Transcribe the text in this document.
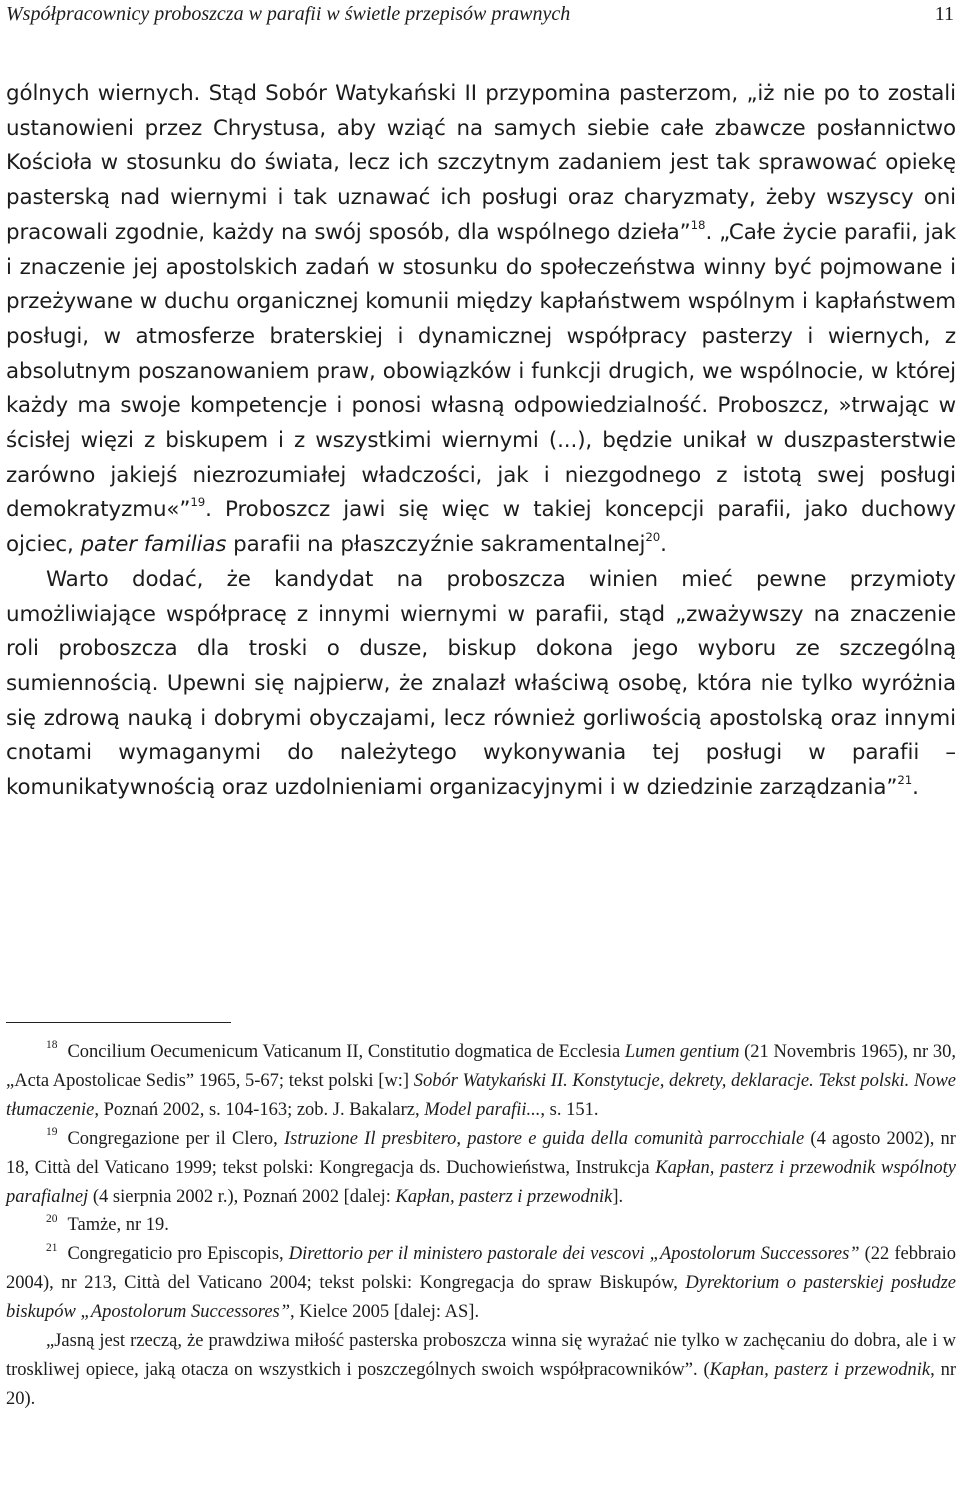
Współpracownicy proboszcza w parafii w świetle przepisów prawnych	11

gólnych wiernych. Stąd Sobór Watykański II przypomina pasterzom, „iż nie po to zostali ustanowieni przez Chrystusa, aby wziąć na samych siebie całe zbawcze posłannictwo Kościoła w stosunku do świata, lecz ich szczytnym zadaniem jest tak sprawować opiekę pasterską nad wiernymi i tak uznawać ich posługi oraz charyzmaty, żeby wszyscy oni pracowali zgodnie, każdy na swój sposób, dla wspólnego dzieła”$^{18}$. „Całe życie parafii, jak i znaczenie jej apostolskich zadań w stosunku do społeczeństwa winny być pojmowane i przeżywane w duchu organicznej komunii między kapłaństwem wspólnym i kapłaństwem posługi, w atmosferze braterskiej i dynamicznej współpracy pasterzy i wiernych, z absolutnym poszanowaniem praw, obowiązków i funkcji drugich, we wspólnocie, w której każdy ma swoje kompetencje i ponosi własną odpowiedzialność. Proboszcz, »trwając w ścisłej więzi z biskupem i z wszystkimi wiernymi (...), będzie unikał w duszpasterstwie zarówno jakiejś niezrozumiałej władczości, jak i niezgodnego z istotą swej posługi demokratyzmu«”$^{19}$. Proboszcz jawi się więc w takiej koncepcji parafii, jako duchowy ojciec, pater familias parafii na płaszczyźnie sakramentalnej$^{20}$.

Warto dodać, że kandydat na proboszcza winien mieć pewne przymioty umożliwiające współpracę z innymi wiernymi w parafii, stąd „zważywszy na znaczenie roli proboszcza dla troski o dusze, biskup dokona jego wyboru ze szczególną sumiennością. Upewni się najpierw, że znalazł właściwą osobę, która nie tylko wyróżnia się zdrową nauką i dobrymi obyczajami, lecz również gorliwością apostolską oraz innymi cnotami wymaganymi do należytego wykonywania tej posługi w parafii – komunikatywnością oraz uzdolnieniami organizacyjnymi i w dziedzinie zarządzania”$^{21}$.

$^{18}$ Concilium Oecumenicum Vaticanum II, Constitutio dogmatica de Ecclesia Lumen gentium (21 Novembris 1965), nr 30, „Acta Apostolicae Sedis” 1965, 5-67; tekst polski [w:] Sobór Watykański II. Konstytucje, dekrety, deklaracje. Tekst polski. Nowe tłumaczenie, Poznań 2002, s. 104-163; zob. J. Bakalarz, Model parafii..., s. 151.

$^{19}$ Congregazione per il Clero, Istruzione Il presbitero, pastore e guida della comunità parrocchiale (4 agosto 2002), nr 18, Città del Vaticano 1999; tekst polski: Kongregacja ds. Duchowieństwa, Instrukcja Kapłan, pasterz i przewodnik wspólnoty parafialnej (4 sierpnia 2002 r.), Poznań 2002 [dalej: Kapłan, pasterz i przewodnik].

$^{20}$ Tamże, nr 19.

$^{21}$ Congregaticio pro Episcopis, Direttorio per il ministero pastorale dei vescovi „Apostolorum Successores” (22 febbraio 2004), nr 213, Città del Vaticano 2004; tekst polski: Kongregacja do spraw Biskupów, Dyrektorium o pasterskiej posłudze biskupów „Apostolorum Successores”, Kielce 2005 [dalej: AS].

„Jasną jest rzeczą, że prawdziwa miłość pasterska proboszcza winna się wyrażać nie tylko w zachęcaniu do dobra, ale i w troskliwej opiece, jaką otacza on wszystkich i poszczególnych swoich współpracowników”. (Kapłan, pasterz i przewodnik, nr 20).
